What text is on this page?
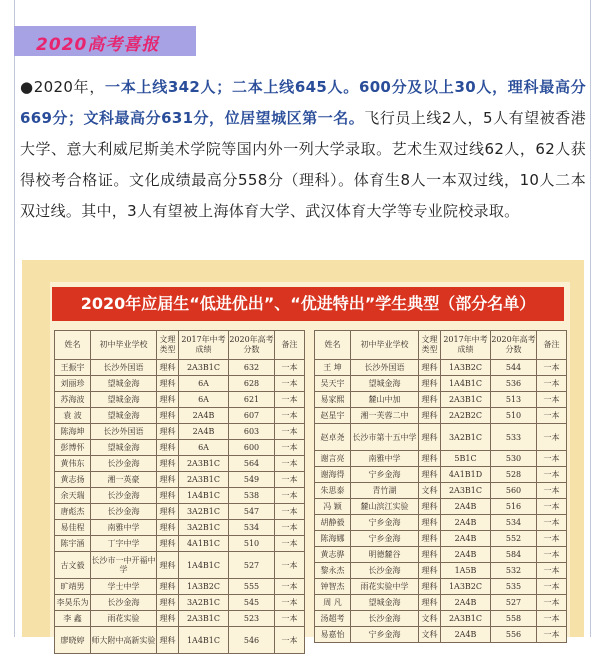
2020高考喜报
●2020年，一本上线342人；二本上线645人。600分及以上30人，理科最高分669分；文科最高分631分，位居望城区第一名。飞行员上线2人，5人有望被香港大学、意大利威尼斯美术学院等国内外一列大学录取。艺术生双过线62人，62人获得校考合格证。文化成绩最高分558分（理科）。体育生8人一本双过线，10人二本双过线。其中，3人有望被上海体育大学、武汉体育大学等专业院校录取。
2020年应届生“低进优出”、“优进特出”学生典型（部分名单）
姓名	初中毕业学校	文理类型	2017年中考成绩	2020年高考分数	备注
王振宇	长沙外国语	理科	2A3B1C	632	一本
刘丽珍	望城金海	理科	6A	628	一本
苏海波	望城金海	理科	6A	621	一本
袁 波	望城金海	理科	2A4B	607	一本
陈海坤	长沙外国语	理科	2A4B	603	一本
彭博怀	望城金海	理科	6A	600	一本
黄伟东	长沙金海	理科	2A3B1C	564	一本
黄志扬	湘一英豪	理科	2A3B1C	549	一本
余天瑞	长沙金海	理科	1A4B1C	538	一本
唐彪杰	长沙金海	理科	3A2B1C	547	一本
易佳程	南雅中学	理科	3A2B1C	534	一本
陈宇涵	丁字中学	理科	4A1B1C	510	一本
古文毅	长沙市一中开福中学	理科	1A4B1C	527	一本
旷靖男	学士中学	理科	1A3B2C	555	一本
李昊乐为	长沙金海	理科	3A2B1C	545	一本
李 鑫	雨花实验	理科	2A3B1C	523	一本
廖晓婷	师大附中高新实验	理科	1A4B1C	546	一本
姓名	初中毕业学校	文理类型	2017年中考成绩	2020年高考分数	备注
王 坤	长沙外国语	理科	1A3B2C	544	一本
吴天宇	望城金海	理科	1A4B1C	536	一本
易家熙	麓山中加	理科	2A3B1C	513	一本
赵星宇	湘一芙蓉二中	理科	2A2B2C	510	一本
赵卓尧	长沙市第十五中学	理科	3A2B1C	533	一本
谢言亮	南雅中学	理科	5B1C	530	一本
谢海得	宁乡金海	理科	4A1B1D	528	一本
朱思泰	青竹湖	文科	2A3B1C	560	一本
冯 颖	麓山滨江实验	理科	2A4B	516	一本
胡静毅	宁乡金海	理科	2A4B	534	一本
陈海娜	宁乡金海	理科	2A4B	552	一本
黄志骅	明德麓谷	理科	2A4B	584	一本
黎永杰	长沙金海	理科	1A5B	532	一本
钟智杰	雨花实验中学	理科	1A3B2C	535	一本
周 凡	望城金海	理科	2A4B	527	一本
汤超考	长沙金海	文科	2A3B1C	558	一本
易嘉怡	宁乡金海	文科	2A4B	556	一本
